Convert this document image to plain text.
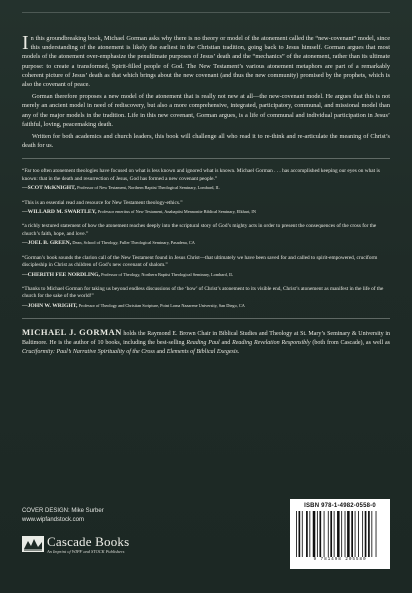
In this groundbreaking book, Michael Gorman asks why there is no theory or model of the atonement called the “new-covenant” model, since this understanding of the atonement is likely the earliest in the Christian tradition, going back to Jesus himself. Gorman argues that most models of the atonement over-emphasize the penultimate purposes of Jesus’ death and the “mechanics” of the atonement, rather than its ultimate purpose: to create a transformed, Spirit-filled people of God. The New Testament’s various atonement metaphors are part of a remarkably coherent picture of Jesus’ death as that which brings about the new covenant (and thus the new community) promised by the prophets, which is also the covenant of peace.

Gorman therefore proposes a new model of the atonement that is really not new at all—the new-covenant model. He argues that this is not merely an ancient model in need of rediscovery, but also a more comprehensive, integrated, participatory, communal, and missional model than any of the major models in the tradition. Life in this new covenant, Gorman argues, is a life of communal and individual participation in Jesus’ faithful, loving, peacemaking death.

Written for both academics and church leaders, this book will challenge all who read it to re-think and re-articulate the meaning of Christ’s death for us.

“Far too often atonement theologies have focused on what is less known and ignored what is known. Michael Gorman . . . has accomplished keeping our eyes on what is known: that in the death and resurrection of Jesus, God has formed a new covenant people.”
—SCOT McKNIGHT, Professor of New Testament, Northern Baptist Theological Seminary, Lombard, IL
“This is an essential read and resource for New Testament theology-ethics.”
—WILLARD M. SWARTLEY, Professor emeritus of New Testament, Anabaptist Mennonite Biblical Seminary, Elkhart, IN
“a richly textured statement of how the atonement reaches deeply into the scriptural story of God’s mighty acts in order to present the consequences of the cross for the church’s faith, hope, and love.”
—JOEL B. GREEN, Dean, School of Theology, Fuller Theological Seminary, Pasadena, CA
“Gorman’s book sounds the clarion call of the New Testament found in Jesus Christ—that ultimately we have been saved for and called to spirit-empowered, cruciform discipleship in Christ as children of God’s new covenant of shalom.”
—CHERITH FEE NORDLING, Professor of Theology, Northern Baptist Theological Seminary, Lombard, IL
“Thanks to Michael Gorman for taking us beyond endless discussions of the ‘how’ of Christ’s atonement to its visible end, Christ’s atonement as manifest in the life of the church for the sake of the world!”
—JOHN W. WRIGHT, Professor of Theology and Christian Scripture, Point Loma Nazarene University, San Diego, CA
MICHAEL J. GORMAN holds the Raymond E. Brown Chair in Biblical Studies and Theology at St. Mary’s Seminary & University in Baltimore. He is the author of 10 books, including the best-selling Reading Paul and Reading Revelation Responsibly (both from Cascade), as well as Cruciformity: Paul’s Narrative Spirituality of the Cross and Elements of Biblical Exegesis.
COVER DESIGN: Mike Surber
www.wipfandstock.com
Cascade Books
An Imprint of WIPF and STOCK Publishers
ISBN 978-1-4982-0558-0
9 781498 205580
